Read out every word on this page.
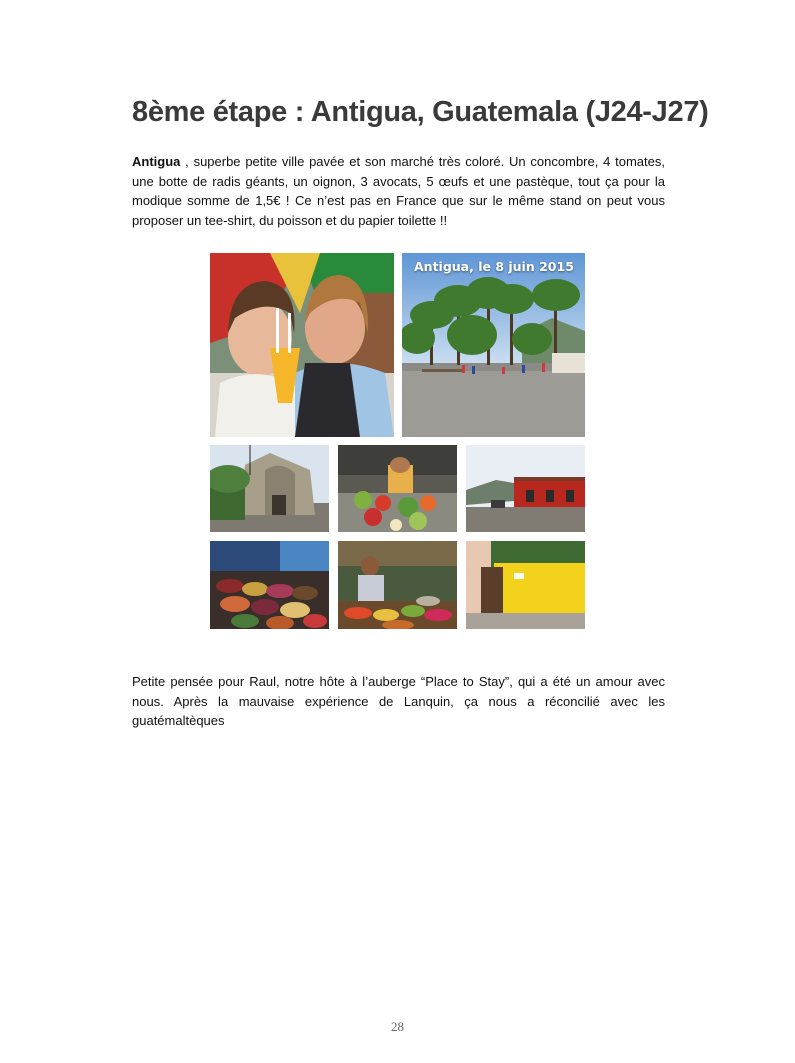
8ème étape : Antigua, Guatemala (J24-J27)

Antigua , superbe petite ville pavée et son marché très coloré. Un concombre, 4 tomates, une botte de radis géants, un oignon, 3 avocats, 5 œufs et une pastèque, tout ça pour la modique somme de 1,5€ ! Ce n’est pas en France que sur le même stand on peut vous proposer un tee-shirt, du poisson et du papier toilette !!

Antigua, le 8 juin 2015

Petite pensée pour Raul, notre hôte à l’auberge “Place to Stay”, qui a été un amour avec nous. Après la mauvaise expérience de Lanquin, ça nous a réconcilié avec les guatémaltèques

28
